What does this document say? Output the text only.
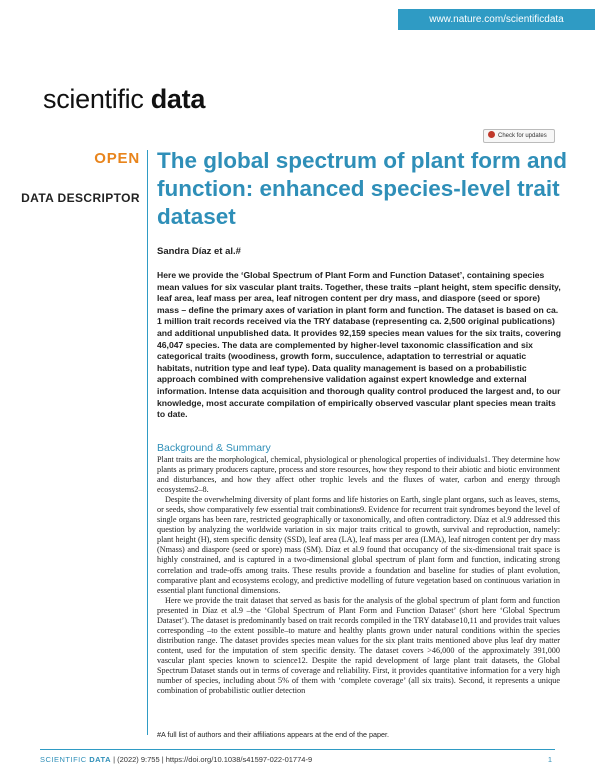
www.nature.com/scientificdata
scientific data
Check for updates
OPEN
DATA DESCRIPTOR
The global spectrum of plant form and function: enhanced species-level trait dataset
Sandra Díaz et al.#

Here we provide the ‘Global Spectrum of Plant Form and Function Dataset’, containing species mean values for six vascular plant traits. Together, these traits –plant height, stem specific density, leaf area, leaf mass per area, leaf nitrogen content per dry mass, and diaspore (seed or spore) mass – define the primary axes of variation in plant form and function. The dataset is based on ca. 1 million trait records received via the TRY database (representing ca. 2,500 original publications) and additional unpublished data. It provides 92,159 species mean values for the six traits, covering 46,047 species. The data are complemented by higher-level taxonomic classification and six categorical traits (woodiness, growth form, succulence, adaptation to terrestrial or aquatic habitats, nutrition type and leaf type). Data quality management is based on a probabilistic approach combined with comprehensive validation against expert knowledge and external information. Intense data acquisition and thorough quality control produced the largest and, to our knowledge, most accurate compilation of empirically observed vascular plant species mean traits to date.

Background & Summary

Plant traits are the morphological, chemical, physiological or phenological properties of individuals1. They determine how plants as primary producers capture, process and store resources, how they respond to their abiotic and biotic environment and disturbances, and how they affect other trophic levels and the fluxes of water, carbon and energy through ecosystems2–8.

Despite the overwhelming diversity of plant forms and life histories on Earth, single plant organs, such as leaves, stems, or seeds, show comparatively few essential trait combinations9. Evidence for recurrent trait syndromes beyond the level of single organs has been rare, restricted geographically or taxonomically, and often contradictory. Díaz et al.9 addressed this question by analyzing the worldwide variation in six major traits critical to growth, survival and reproduction, namely: plant height (H), stem specific density (SSD), leaf area (LA), leaf mass per area (LMA), leaf nitrogen content per dry mass (Nmass) and diaspore (seed or spore) mass (SM). Díaz et al.9 found that occupancy of the six-dimensional trait space is highly constrained, and is captured in a two-dimensional global spectrum of plant form and function, indicating strong correlation and trade-offs among traits. These results provide a foundation and baseline for studies of plant evolution, comparative plant and ecosystems ecology, and predictive modelling of future vegetation based on continuous variation in essential plant functional dimensions.

Here we provide the trait dataset that served as basis for the analysis of the global spectrum of plant form and function presented in Díaz et al.9 –the ‘Global Spectrum of Plant Form and Function Dataset’ (short here ‘Global Spectrum Dataset’). The dataset is predominantly based on trait records compiled in the TRY database10,11 and provides trait values corresponding –to the extent possible–to mature and healthy plants grown under natural conditions within the species distribution range. The dataset provides species mean values for the six plant traits mentioned above plus leaf dry matter content, used for the imputation of stem specific density. The dataset covers >46,000 of the approximately 391,000 vascular plant species known to science12. Despite the rapid development of large plant trait datasets, the Global Spectrum Dataset stands out in terms of coverage and reliability. First, it provides quantitative information for a very high number of species, including about 5% of them with ‘complete coverage’ (all six traits). Second, it represents a unique combination of probabilistic outlier detection

#A full list of authors and their affiliations appears at the end of the paper.
SCIENTIFIC DATA | (2022) 9:755 | https://doi.org/10.1038/s41597-022-01774-9	1
